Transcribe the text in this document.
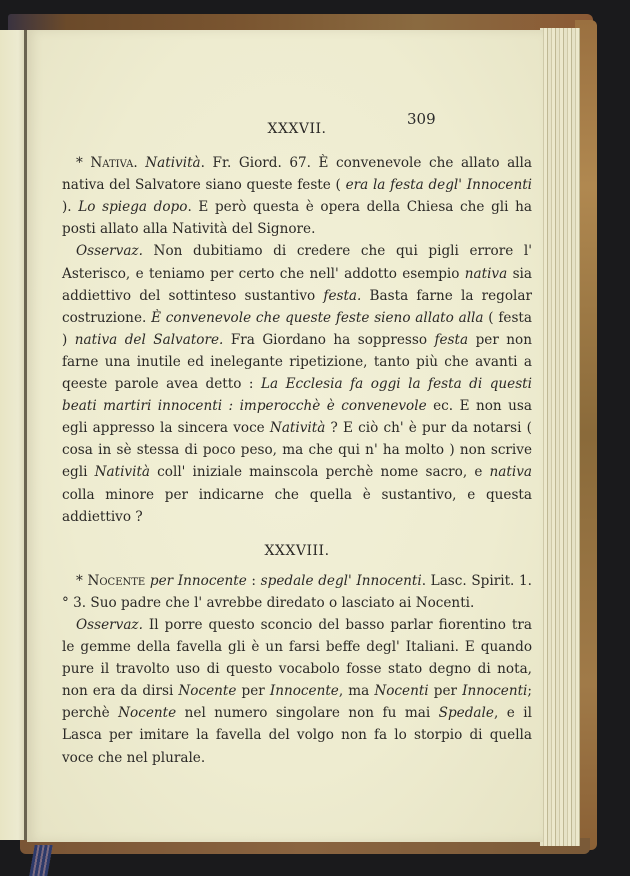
309
XXXVII.

* Nativa. Natività. Fr. Giord. 67. È convenevole che allato alla nativa del Salvatore siano queste feste ( era la festa degl' Innocenti ). Lo spiega dopo. E però questa è opera della Chiesa che gli ha posti allato alla Natività del Signore.

Osservaz. Non dubitiamo di credere che qui pigli errore l' Asterisco, e teniamo per certo che nell' addotto esempio nativa sia addiettivo del sottinteso sustantivo festa. Basta farne la regolar costruzione. È convenevole che queste feste sieno allato alla ( festa ) nativa del Salvatore. Fra Giordano ha soppresso festa per non farne una inutile ed inelegante ripetizione, tanto più che avanti a qeeste parole avea detto : La Ecclesia fa oggi la festa di questi beati martiri innocenti : imperocchè è convenevole ec. E non usa egli appresso la sincera voce Natività ? E ciò ch' è pur da notarsi ( cosa in sè stessa di poco peso, ma che qui n' ha molto ) non scrive egli Natività coll' iniziale mainscola perchè nome sacro, e nativa colla minore per indicarne che quella è sustantivo, e questa addiettivo ?

XXXVIII.

* Nocente per Innocente : spedale degl' Innocenti. Lasc. Spirit. 1.° 3. Suo padre che l' avrebbe diredato o lasciato ai Nocenti.

Osservaz. Il porre questo sconcio del basso parlar fiorentino tra le gemme della favella gli è un farsi beffe degl' Italiani. E quando pure il travolto uso di questo vocabolo fosse stato degno di nota, non era da dirsi Nocente per Innocente, ma Nocenti per Innocenti; perchè Nocente nel numero singolare non fu mai Spedale, e il Lasca per imitare la favella del volgo non fa lo storpio di quella voce che nel plurale.
